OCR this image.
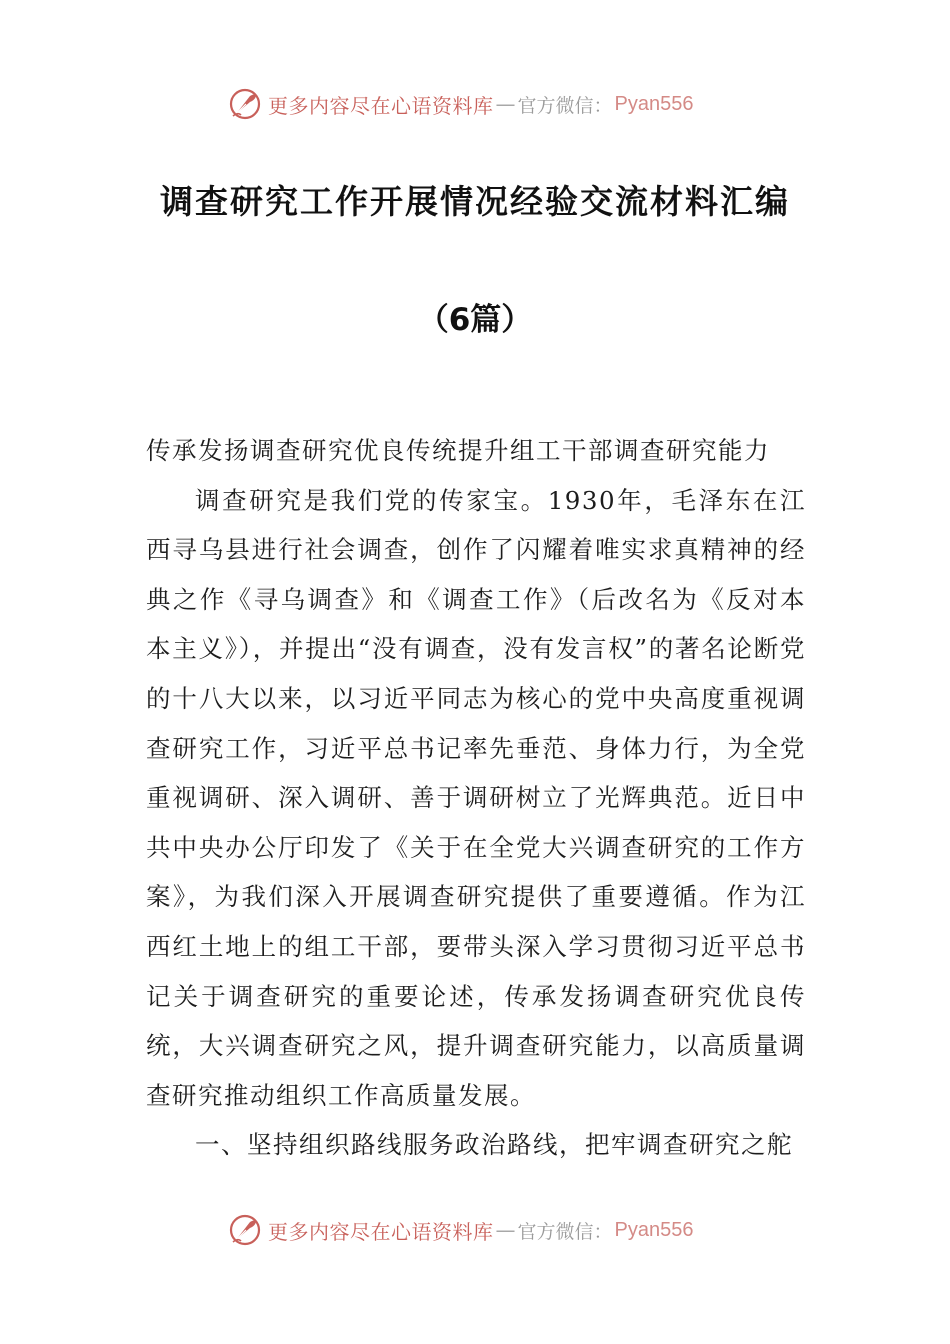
更多内容尽在心语资料库 — 官方微信： Pyan556
调查研究工作开展情况经验交流材料汇编
（6篇）

传承发扬调查研究优良传统提升组工干部调查研究能力

调查研究是我们党的传家宝。1930年，毛泽东在江西寻乌县进行社会调查，创作了闪耀着唯实求真精神的经典之作《寻乌调查》和《调查工作》（后改名为《反对本本主义》），并提出“没有调查，没有发言权”的著名论断党的十八大以来，以习近平同志为核心的党中央高度重视调查研究工作，习近平总书记率先垂范、身体力行，为全党重视调研、深入调研、善于调研树立了光辉典范。近日中共中央办公厅印发了《关于在全党大兴调查研究的工作方案》，为我们深入开展调查研究提供了重要遵循。作为江西红土地上的组工干部，要带头深入学习贯彻习近平总书记关于调查研究的重要论述，传承发扬调查研究优良传统，大兴调查研究之风，提升调查研究能力，以高质量调查研究推动组织工作高质量发展。

一、坚持组织路线服务政治路线，把牢调查研究之舵

更多内容尽在心语资料库 — 官方微信： Pyan556
